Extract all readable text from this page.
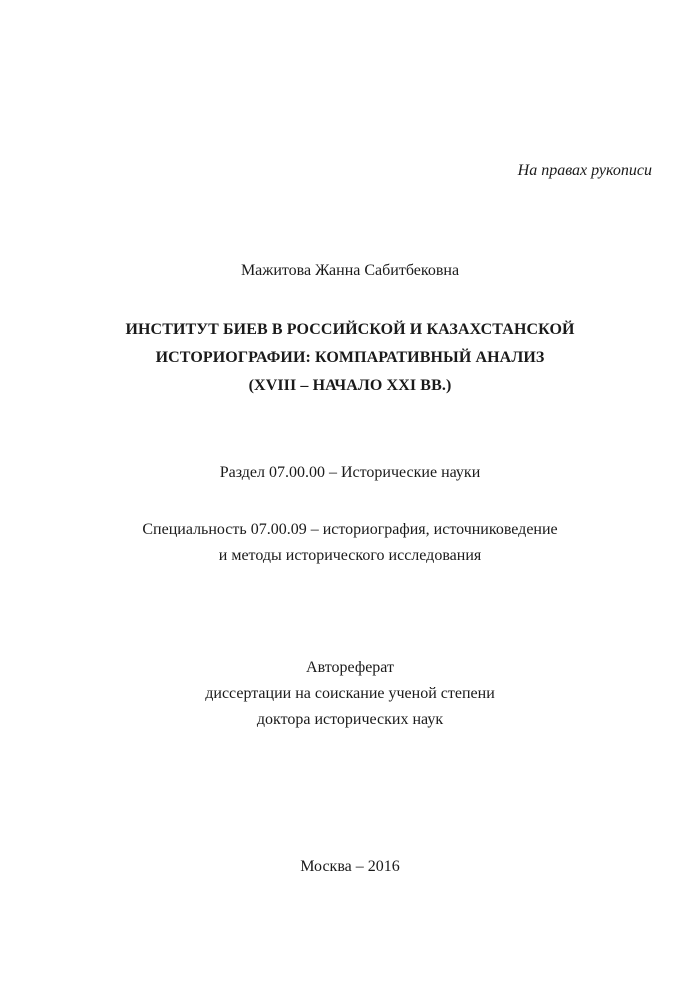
На правах рукописи
Мажитова Жанна Сабитбековна
ИНСТИТУТ БИЕВ В РОССИЙСКОЙ И КАЗАХСТАНСКОЙ
ИСТОРИОГРАФИИ: КОМПАРАТИВНЫЙ АНАЛИЗ
(XVIII – НАЧАЛО XXI ВВ.)
Раздел 07.00.00 – Исторические науки
Специальность 07.00.09 – историография, источниковедение
и методы исторического исследования
Автореферат
диссертации на соискание ученой степени
доктора исторических наук
Москва – 2016
